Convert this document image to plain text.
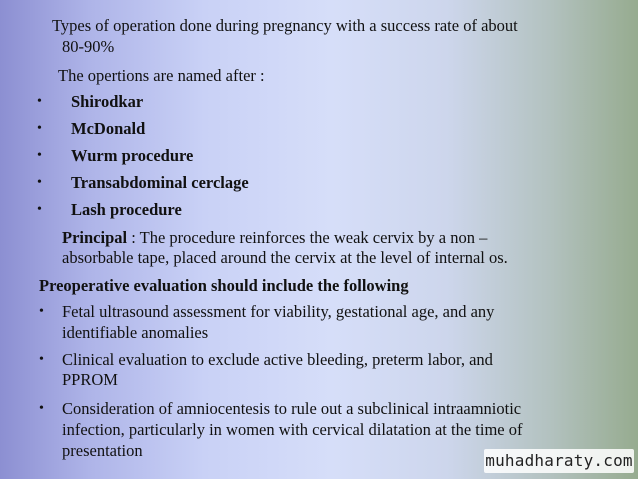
Types of operation done during pregnancy with a success rate of about
80-90%
The opertions are named after :
• Shirodkar
• McDonald
• Wurm procedure
• Transabdominal cerclage
• Lash procedure
Principal : The procedure reinforces the weak cervix by a non –
absorbable tape, placed around the cervix at the level of internal os.
Preoperative evaluation should include the following
• Fetal ultrasound assessment for viability, gestational age, and any
identifiable anomalies
• Clinical evaluation to exclude active bleeding, preterm labor, and
PPROM
• Consideration of amniocentesis to rule out a subclinical intraamniotic
infection, particularly in women with cervical dilatation at the time of
presentation
muhadharaty.com
